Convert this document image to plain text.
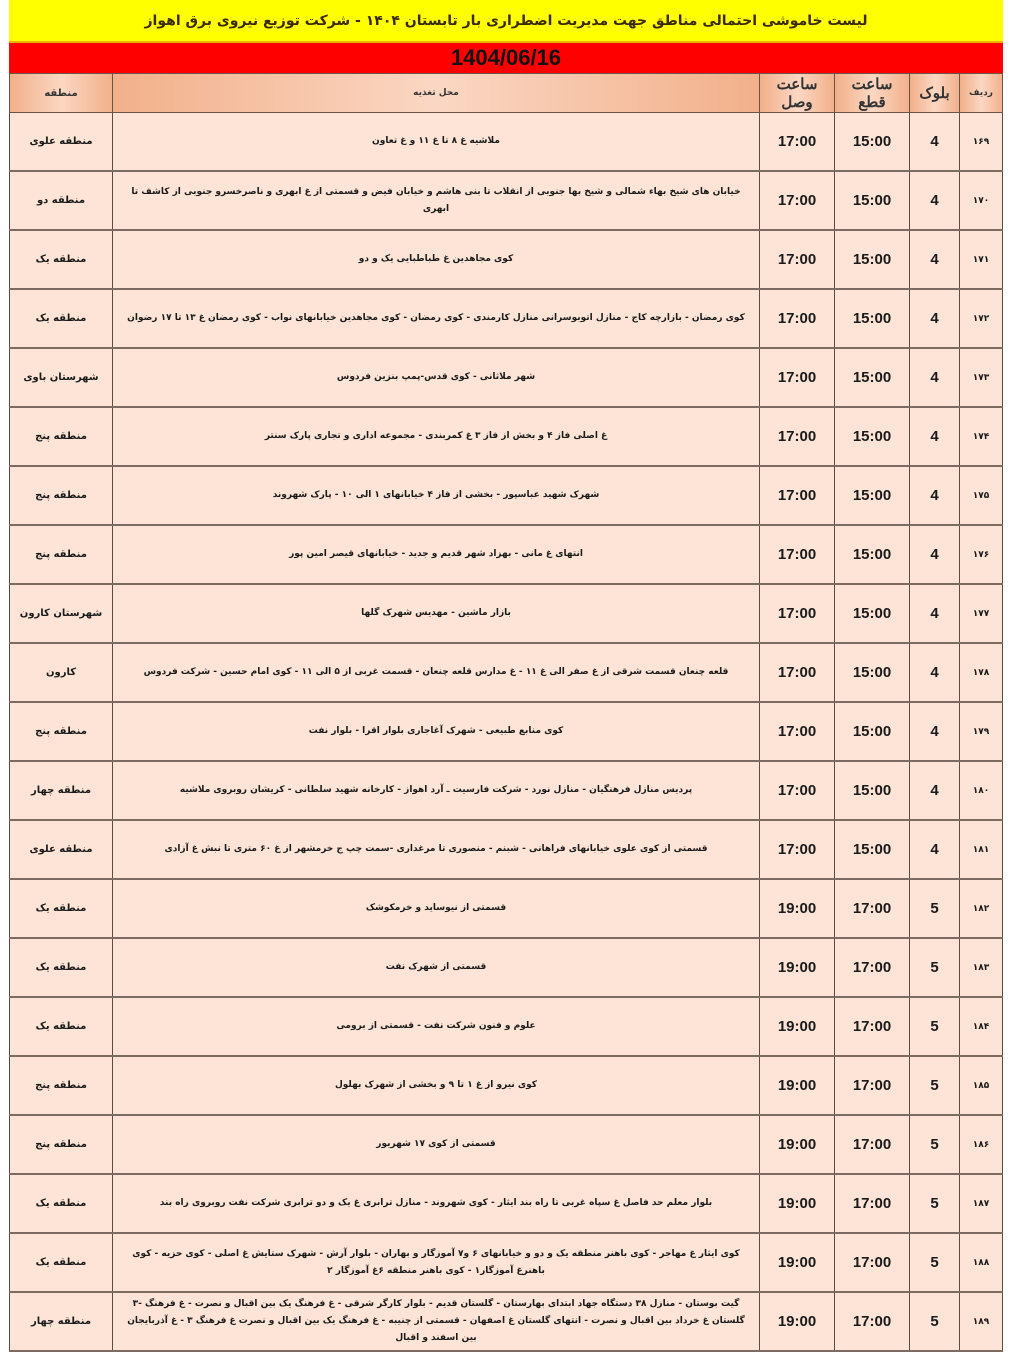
لیست خاموشی احتمالی مناطق جهت مدیریت اضطراری بار تابستان ۱۴۰۴ - شرکت توزیع نیروی برق اهواز
1404/06/16
ردیف	بلوک	ساعت قطع	ساعت وصل	محل تغذیه	منطقه
۱۶۹	4	15:00	17:00	ملاشیه غ ۸ تا غ ۱۱ و غ تعاون	منطقه علوی
۱۷۰	4	15:00	17:00	خیابان های شیخ بهاء شمالی و شیخ بها جنوبی از انقلاب تا بنی هاشم و خیابان فیض و قسمتی از غ ابهری و ناصرخسرو جنوبی از کاشف تا ابهری	منطقه دو
۱۷۱	4	15:00	17:00	کوی مجاهدین غ طباطبایی یک و دو	منطقه یک
۱۷۲	4	15:00	17:00	کوی رمضان - بازارچه کاج - منازل اتوبوسرانی منازل کارمندی - کوی رمضان - کوی مجاهدین خیابانهای نواب - کوی رمضان غ ۱۳ تا ۱۷ رضوان	منطقه یک
۱۷۳	4	15:00	17:00	شهر ملاثانی - کوی قدس-پمپ بنزین فردوس	شهرستان باوی
۱۷۴	4	15:00	17:00	غ اصلی فاز ۴ و بخش از فاز ۳ غ کمربندی - مجموعه اداری و تجاری پارک سنتر	منطقه پنج
۱۷۵	4	15:00	17:00	شهرک شهید عباسپور - بخشی از فاز ۴ خیابانهای ۱ الی ۱۰ - پارک شهروند	منطقه پنج
۱۷۶	4	15:00	17:00	انتهای غ مانی - بهزاد شهر قدیم و جدید - خیابانهای قیصر امین پور	منطقه پنج
۱۷۷	4	15:00	17:00	بازار ماشین - مهدیس شهرک گلها	شهرستان کارون
۱۷۸	4	15:00	17:00	قلعه چنعان قسمت شرقی از غ صفر الی غ ۱۱ - غ مدارس قلعه چنعان - قسمت غربی از ۵ الی ۱۱ - کوی امام حسین - شرکت فردوس	کارون
۱۷۹	4	15:00	17:00	کوی منابع طبیعی - شهرک آغاجاری بلوار اقرا - بلوار نفت	منطقه پنج
۱۸۰	4	15:00	17:00	پردیس منازل فرهنگیان - منازل نورد - شرکت فارسیت ـ آرد اهواز - کارخانه شهید سلطانی - کریشان روبروی ملاشیه	منطقه چهار
۱۸۱	4	15:00	17:00	قسمتی از کوی علوی خیابانهای فراهانی - شبنم - منصوری تا مرغداری -سمت چپ ج خرمشهر از غ ۶۰ متری تا نبش غ آزادی	منطقه علوی
۱۸۲	5	17:00	19:00	قسمتی از نیوساید و خرمکوشک	منطقه یک
۱۸۳	5	17:00	19:00	قسمتی از شهرک نفت	منطقه یک
۱۸۴	5	17:00	19:00	علوم و فنون شرکت نفت - قسمتی از برومی	منطقه یک
۱۸۵	5	17:00	19:00	کوی نیرو از غ ۱ تا ۹ و بخشی از شهرک بهلول	منطقه پنج
۱۸۶	5	17:00	19:00	قسمتی از کوی ۱۷ شهریور	منطقه پنج
۱۸۷	5	17:00	19:00	بلوار معلم حد فاصل غ سپاه غربی تا راه بند ایثار - کوی شهروند - منازل ترابری غ یک و دو ترابری شرکت نفت روبروی راه بند	منطقه یک
۱۸۸	5	17:00	19:00	کوی ایثار غ مهاجر - کوی باهنر منطقه یک و دو و خیابانهای ۶ و۷ آموزگار و بهاران - بلوار آرش - شهرک ستایش غ اصلی - کوی حزیه - کوی باهنرغ آموزگار۱ - کوی باهنر منطقه ۶غ آموزگار ۲	منطقه یک
۱۸۹	5	17:00	19:00	گیت بوستان - منازل ۳۸ دستگاه جهاد ابتدای بهارستان - گلستان قدیم - بلوار کارگر شرقی - غ فرهنگ یک بین اقبال و نصرت - غ فرهنگ -۳ گلستان غ خرداد بین اقبال و نصرت - انتهای گلستان غ اصفهان - قسمتی از چنیبه - غ فرهنگ یک بین اقبال و نصرت غ فرهنگ ۳ - غ آذربایجان بین اسفند و اقبال	منطقه چهار
